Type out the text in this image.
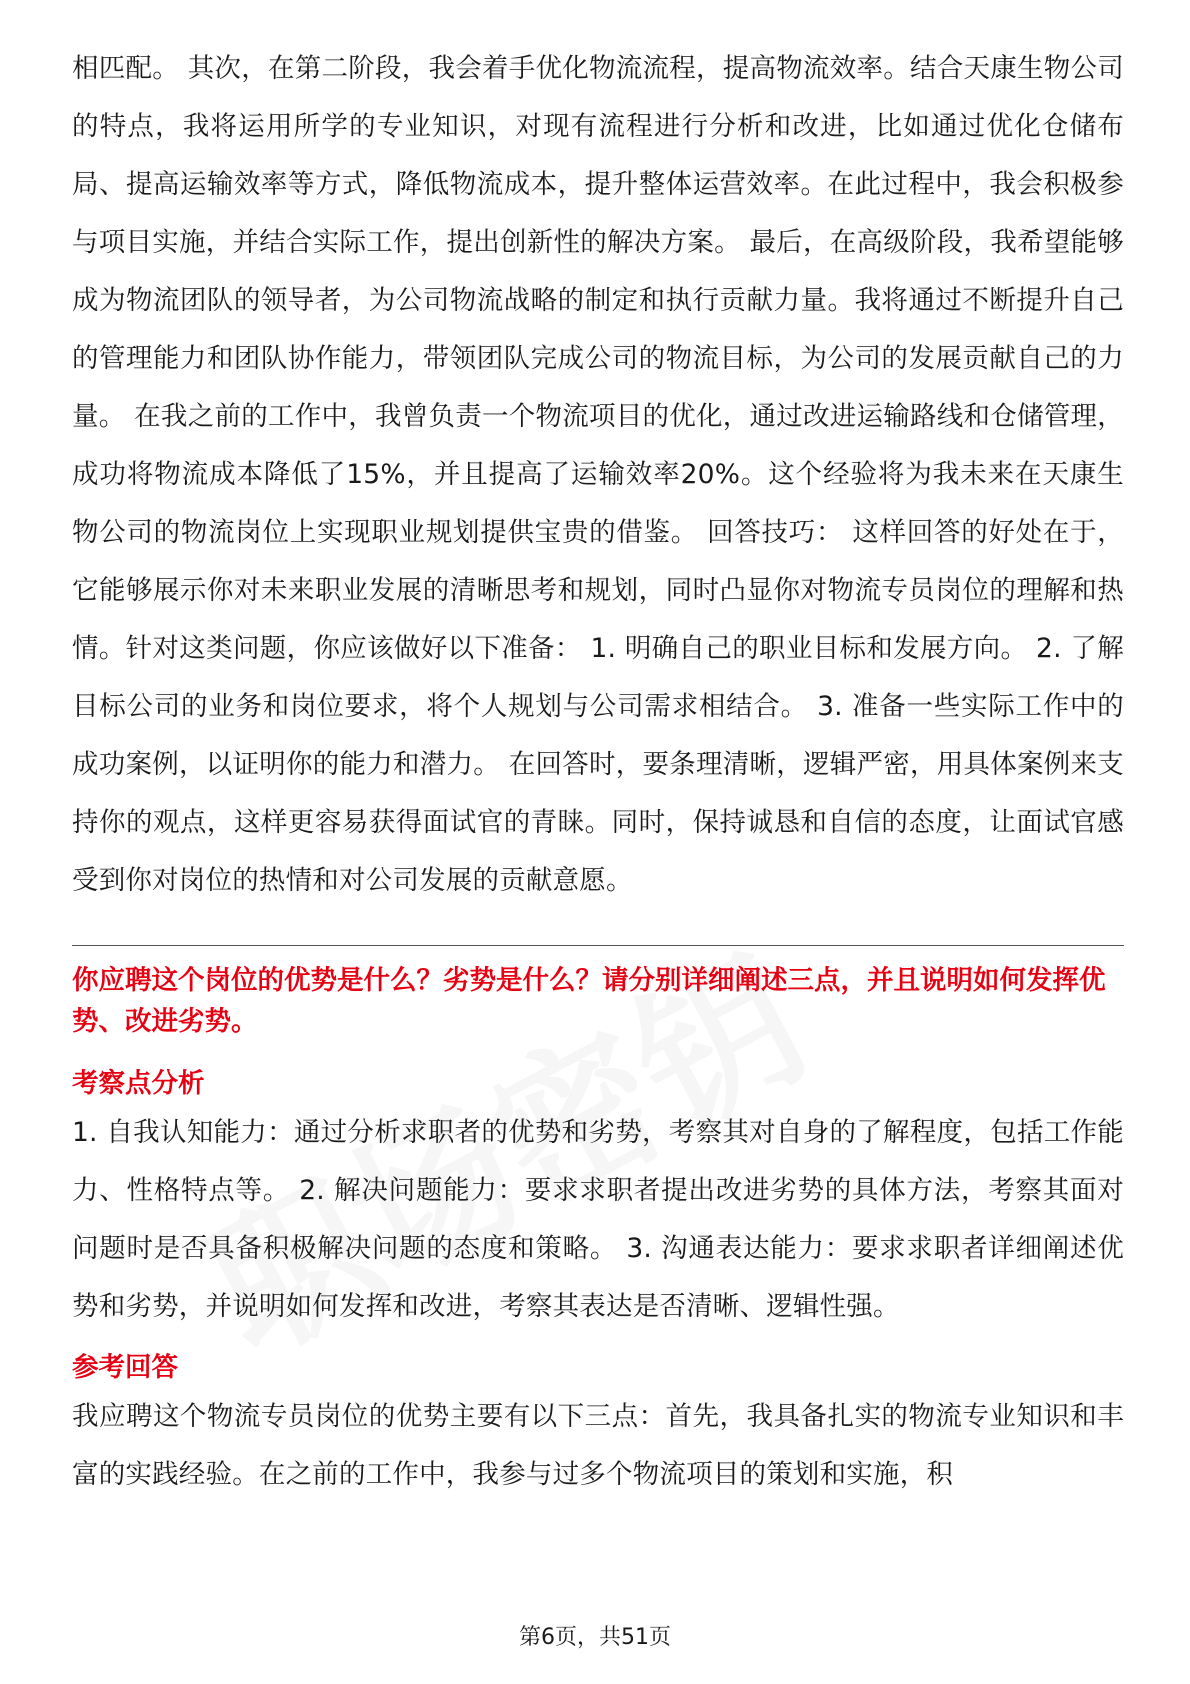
相匹配。 其次，在第二阶段，我会着手优化物流流程，提高物流效率。结合天康生物公司的特点，我将运用所学的专业知识，对现有流程进行分析和改进，比如通过优化仓储布局、提高运输效率等方式，降低物流成本，提升整体运营效率。在此过程中，我会积极参与项目实施，并结合实际工作，提出创新性的解决方案。 最后，在高级阶段，我希望能够成为物流团队的领导者，为公司物流战略的制定和执行贡献力量。我将通过不断提升自己的管理能力和团队协作能力，带领团队完成公司的物流目标，为公司的发展贡献自己的力量。 在我之前的工作中，我曾负责一个物流项目的优化，通过改进运输路线和仓储管理，成功将物流成本降低了15%，并且提高了运输效率20%。这个经验将为我未来在天康生物公司的物流岗位上实现职业规划提供宝贵的借鉴。 回答技巧： 这样回答的好处在于，它能够展示你对未来职业发展的清晰思考和规划，同时凸显你对物流专员岗位的理解和热情。针对这类问题，你应该做好以下准备： 1. 明确自己的职业目标和发展方向。 2. 了解目标公司的业务和岗位要求，将个人规划与公司需求相结合。 3. 准备一些实际工作中的成功案例，以证明你的能力和潜力。 在回答时，要条理清晰，逻辑严密，用具体案例来支持你的观点，这样更容易获得面试官的青睐。同时，保持诚恳和自信的态度，让面试官感受到你对岗位的热情和对公司发展的贡献意愿。

你应聘这个岗位的优势是什么？劣势是什么？请分别详细阐述三点，并且说明如何发挥优势、改进劣势。

考察点分析

1. 自我认知能力：通过分析求职者的优势和劣势，考察其对自身的了解程度，包括工作能力、性格特点等。 2. 解决问题能力：要求求职者提出改进劣势的具体方法，考察其面对问题时是否具备积极解决问题的态度和策略。 3. 沟通表达能力：要求求职者详细阐述优势和劣势，并说明如何发挥和改进，考察其表达是否清晰、逻辑性强。

参考回答

我应聘这个物流专员岗位的优势主要有以下三点：首先，我具备扎实的物流专业知识和丰富的实践经验。在之前的工作中，我参与过多个物流项目的策划和实施，积

第6页，共51页
